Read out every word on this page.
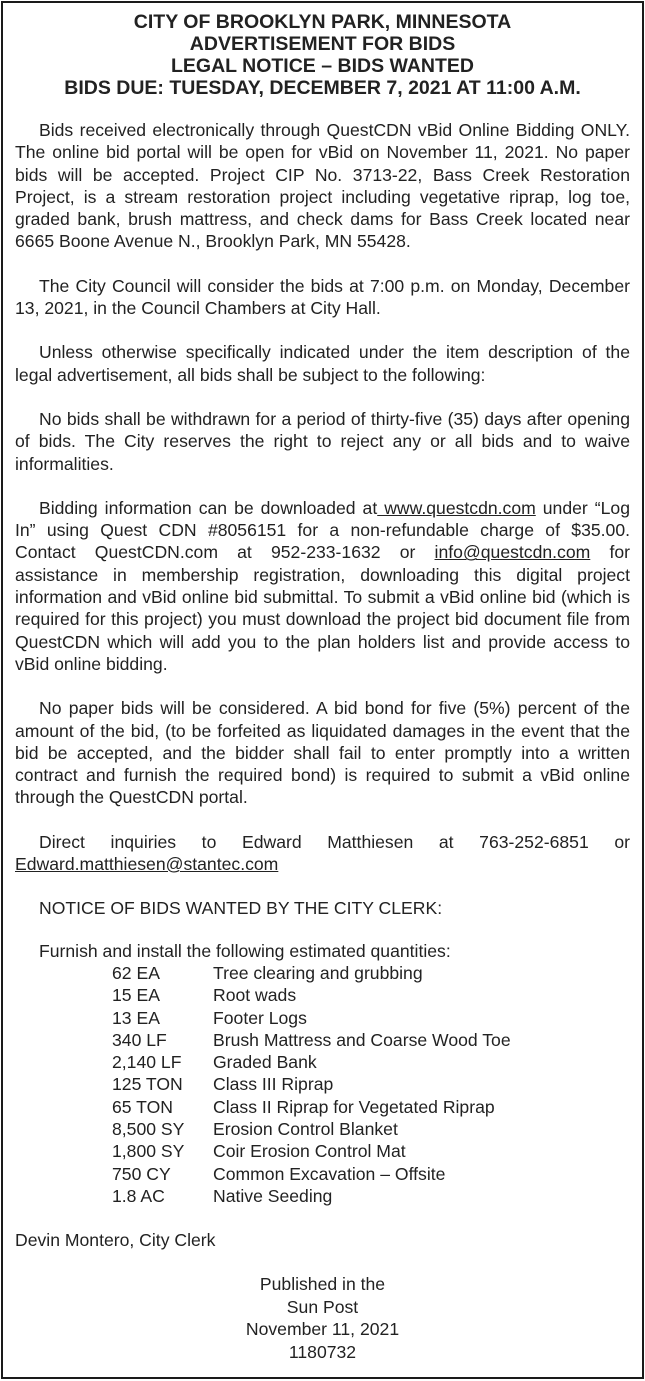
CITY OF BROOKLYN PARK, MINNESOTA
ADVERTISEMENT FOR BIDS
LEGAL NOTICE – BIDS WANTED
BIDS DUE: TUESDAY, DECEMBER 7, 2021 AT 11:00 A.M.

Bids received electronically through QuestCDN vBid Online Bidding ONLY. The online bid portal will be open for vBid on November 11, 2021. No paper bids will be accepted. Project CIP No. 3713-22, Bass Creek Restoration Project, is a stream restoration project including vegetative riprap, log toe, graded bank, brush mattress, and check dams for Bass Creek located near 6665 Boone Avenue N., Brooklyn Park, MN 55428.

The City Council will consider the bids at 7:00 p.m. on Monday, December 13, 2021, in the Council Chambers at City Hall.

Unless otherwise specifically indicated under the item description of the legal advertisement, all bids shall be subject to the following:

No bids shall be withdrawn for a period of thirty-five (35) days after opening of bids. The City reserves the right to reject any or all bids and to waive informalities.

Bidding information can be downloaded at www.questcdn.com under “Log In” using Quest CDN #8056151 for a non-refundable charge of $35.00. Contact QuestCDN.com at 952-233-1632 or info@questcdn.com for assistance in membership registration, downloading this digital project information and vBid online bid submittal. To submit a vBid online bid (which is required for this project) you must download the project bid document file from QuestCDN which will add you to the plan holders list and provide access to vBid online bidding.

No paper bids will be considered. A bid bond for five (5%) percent of the amount of the bid, (to be forfeited as liquidated damages in the event that the bid be accepted, and the bidder shall fail to enter promptly into a written contract and furnish the required bond) is required to submit a vBid online through the QuestCDN portal.

Direct inquiries to Edward Matthiesen at 763-252-6851 or Edward.matthiesen@stantec.com

NOTICE OF BIDS WANTED BY THE CITY CLERK:

Furnish and install the following estimated quantities:
62 EA	Tree clearing and grubbing
15 EA	Root wads
13 EA	Footer Logs
340 LF	Brush Mattress and Coarse Wood Toe
2,140 LF	Graded Bank
125 TON	Class III Riprap
65 TON	Class II Riprap for Vegetated Riprap
8,500 SY	Erosion Control Blanket
1,800 SY	Coir Erosion Control Mat
750 CY	Common Excavation – Offsite
1.8 AC	Native Seeding
Devin Montero, City Clerk
Published in the
Sun Post
November 11, 2021
1180732
